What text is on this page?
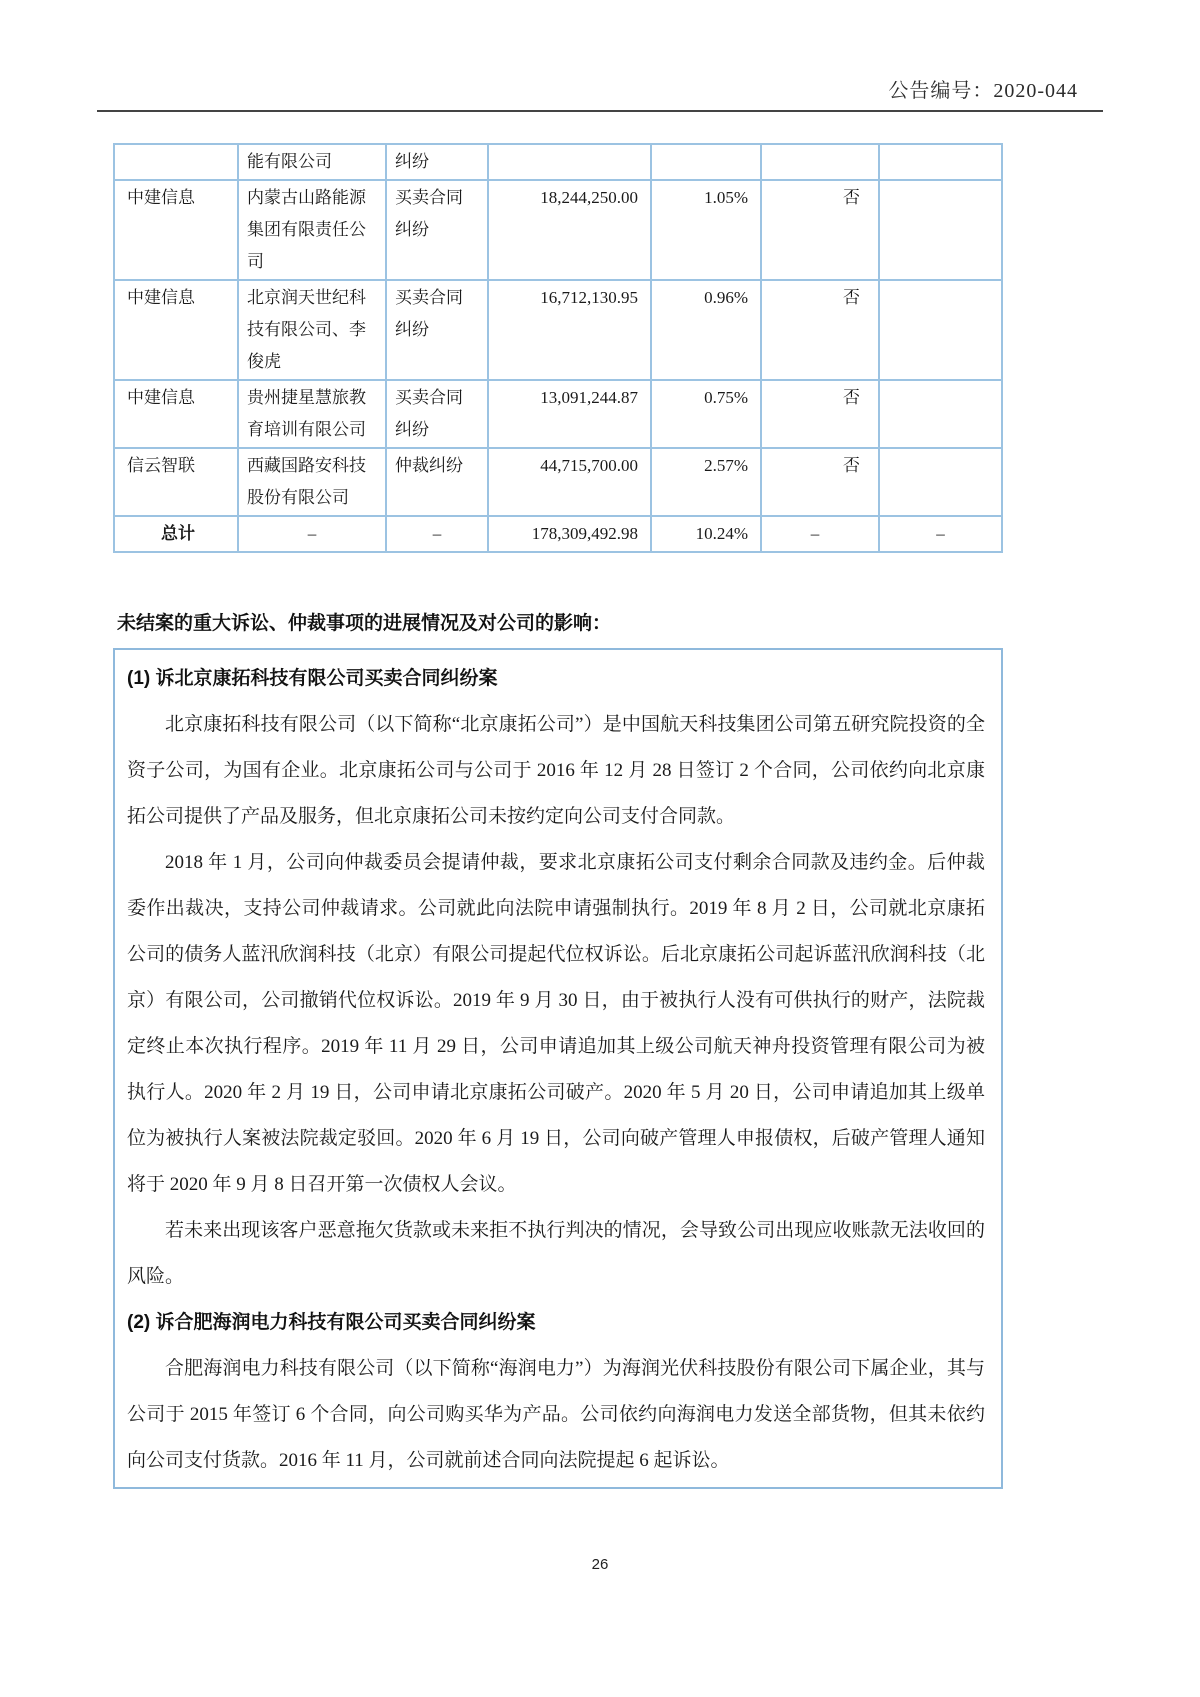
公告编号：2020-044
	能有限公司	纠纷				
中建信息	内蒙古山路能源集团有限责任公司	买卖合同纠纷	18,244,250.00	1.05%	否	
中建信息	北京润天世纪科技有限公司、李俊虎	买卖合同纠纷	16,712,130.95	0.96%	否	
中建信息	贵州捷星慧旅教育培训有限公司	买卖合同纠纷	13,091,244.87	0.75%	否	
信云智联	西藏国路安科技股份有限公司	仲裁纠纷	44,715,700.00	2.57%	否	
总计	–	–	178,309,492.98	10.24%	–	–
未结案的重大诉讼、仲裁事项的进展情况及对公司的影响：

(1) 诉北京康拓科技有限公司买卖合同纠纷案

北京康拓科技有限公司（以下简称“北京康拓公司”）是中国航天科技集团公司第五研究院投资的全资子公司，为国有企业。北京康拓公司与公司于 2016 年 12 月 28 日签订 2 个合同，公司依约向北京康拓公司提供了产品及服务，但北京康拓公司未按约定向公司支付合同款。

2018 年 1 月，公司向仲裁委员会提请仲裁，要求北京康拓公司支付剩余合同款及违约金。后仲裁委作出裁决，支持公司仲裁请求。公司就此向法院申请强制执行。2019 年 8 月 2 日，公司就北京康拓公司的债务人蓝汛欣润科技（北京）有限公司提起代位权诉讼。后北京康拓公司起诉蓝汛欣润科技（北京）有限公司，公司撤销代位权诉讼。2019 年 9 月 30 日，由于被执行人没有可供执行的财产，法院裁定终止本次执行程序。2019 年 11 月 29 日，公司申请追加其上级公司航天神舟投资管理有限公司为被执行人。2020 年 2 月 19 日，公司申请北京康拓公司破产。2020 年 5 月 20 日，公司申请追加其上级单位为被执行人案被法院裁定驳回。2020 年 6 月 19 日，公司向破产管理人申报债权，后破产管理人通知将于 2020 年 9 月 8 日召开第一次债权人会议。

若未来出现该客户恶意拖欠货款或未来拒不执行判决的情况，会导致公司出现应收账款无法收回的风险。

(2) 诉合肥海润电力科技有限公司买卖合同纠纷案

合肥海润电力科技有限公司（以下简称“海润电力”）为海润光伏科技股份有限公司下属企业，其与公司于 2015 年签订 6 个合同，向公司购买华为产品。公司依约向海润电力发送全部货物，但其未依约向公司支付货款。2016 年 11 月，公司就前述合同向法院提起 6 起诉讼。

26
